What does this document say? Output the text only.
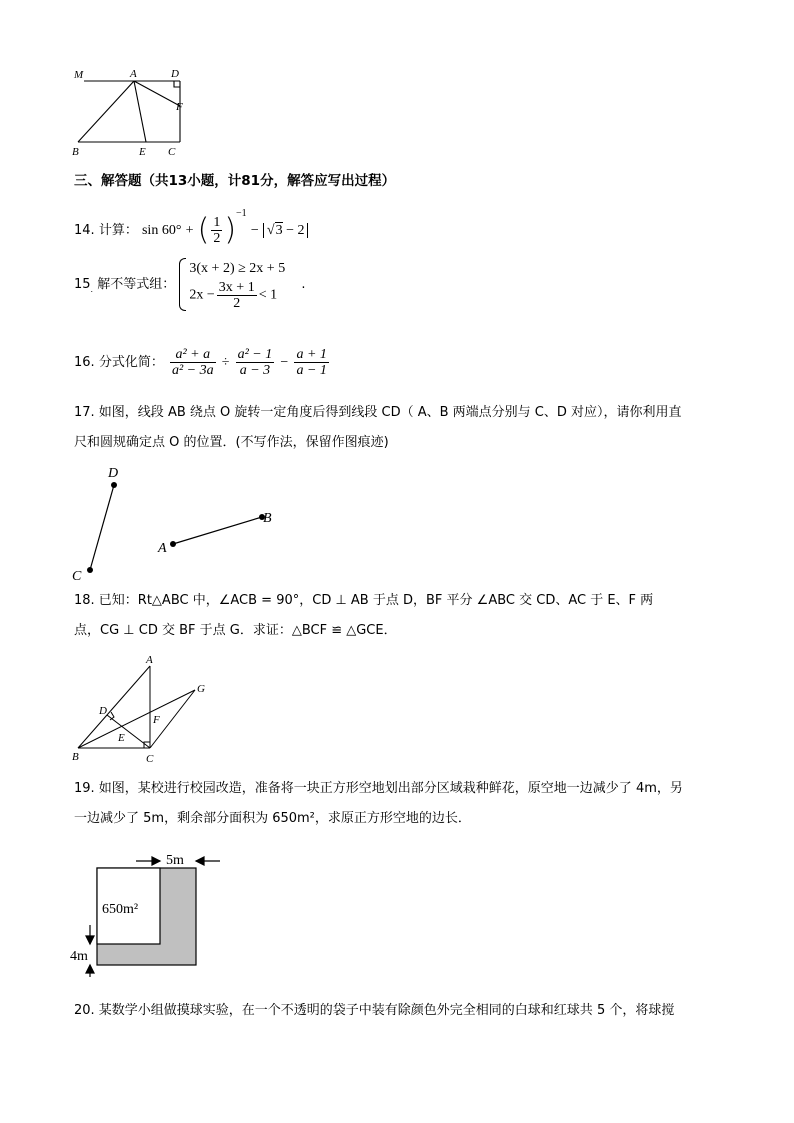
M	A	D
F
B	E C
三、解答题（共13小题，计81分，解答应写出过程）
14. 计算： sin 60° + ( $\frac{1}{2} )^{-1} - √3 - 2$
$15_.$ 解不等式组：
3(x + 2) ≥ 2x + 5
$2x - \frac{3x + 1}{2} < 1$
.
16. 分式化简： $\frac{\text{a² + a}}{\text{a² − 3a}} \div \frac{\text{a² − 1}}{a - 3} - \frac{a + 1}{a - 1}$
17. 如图，线段 AB 绕点 O 旋转一定角度后得到线段 CD（ A、B 两端点分别与 C、D 对应），请你利用直
尺和圆规确定点 O 的位置．(不写作法，保留作图痕迹)
D
B
A
C
18. 已知：Rt△ABC 中，∠ACB = 90°，CD ⊥ AB 于点 D，BF 平分 ∠ABC 交 CD、AC 于 E、F 两
点，CG ⊥ CD 交 BF 于点 G．求证：△BCF ≌ △GCE．
A
G
D
F
E
B	C
19. 如图，某校进行校园改造，准备将一块正方形空地划出部分区域栽种鲜花，原空地一边减少了 4m，另
一边减少了 5m，剩余部分面积为 650m²，求原正方形空地的边长．
5m
650m²
4m
20. 某数学小组做摸球实验，在一个不透明的袋子中装有除颜色外完全相同的白球和红球共 5 个，将球搅
